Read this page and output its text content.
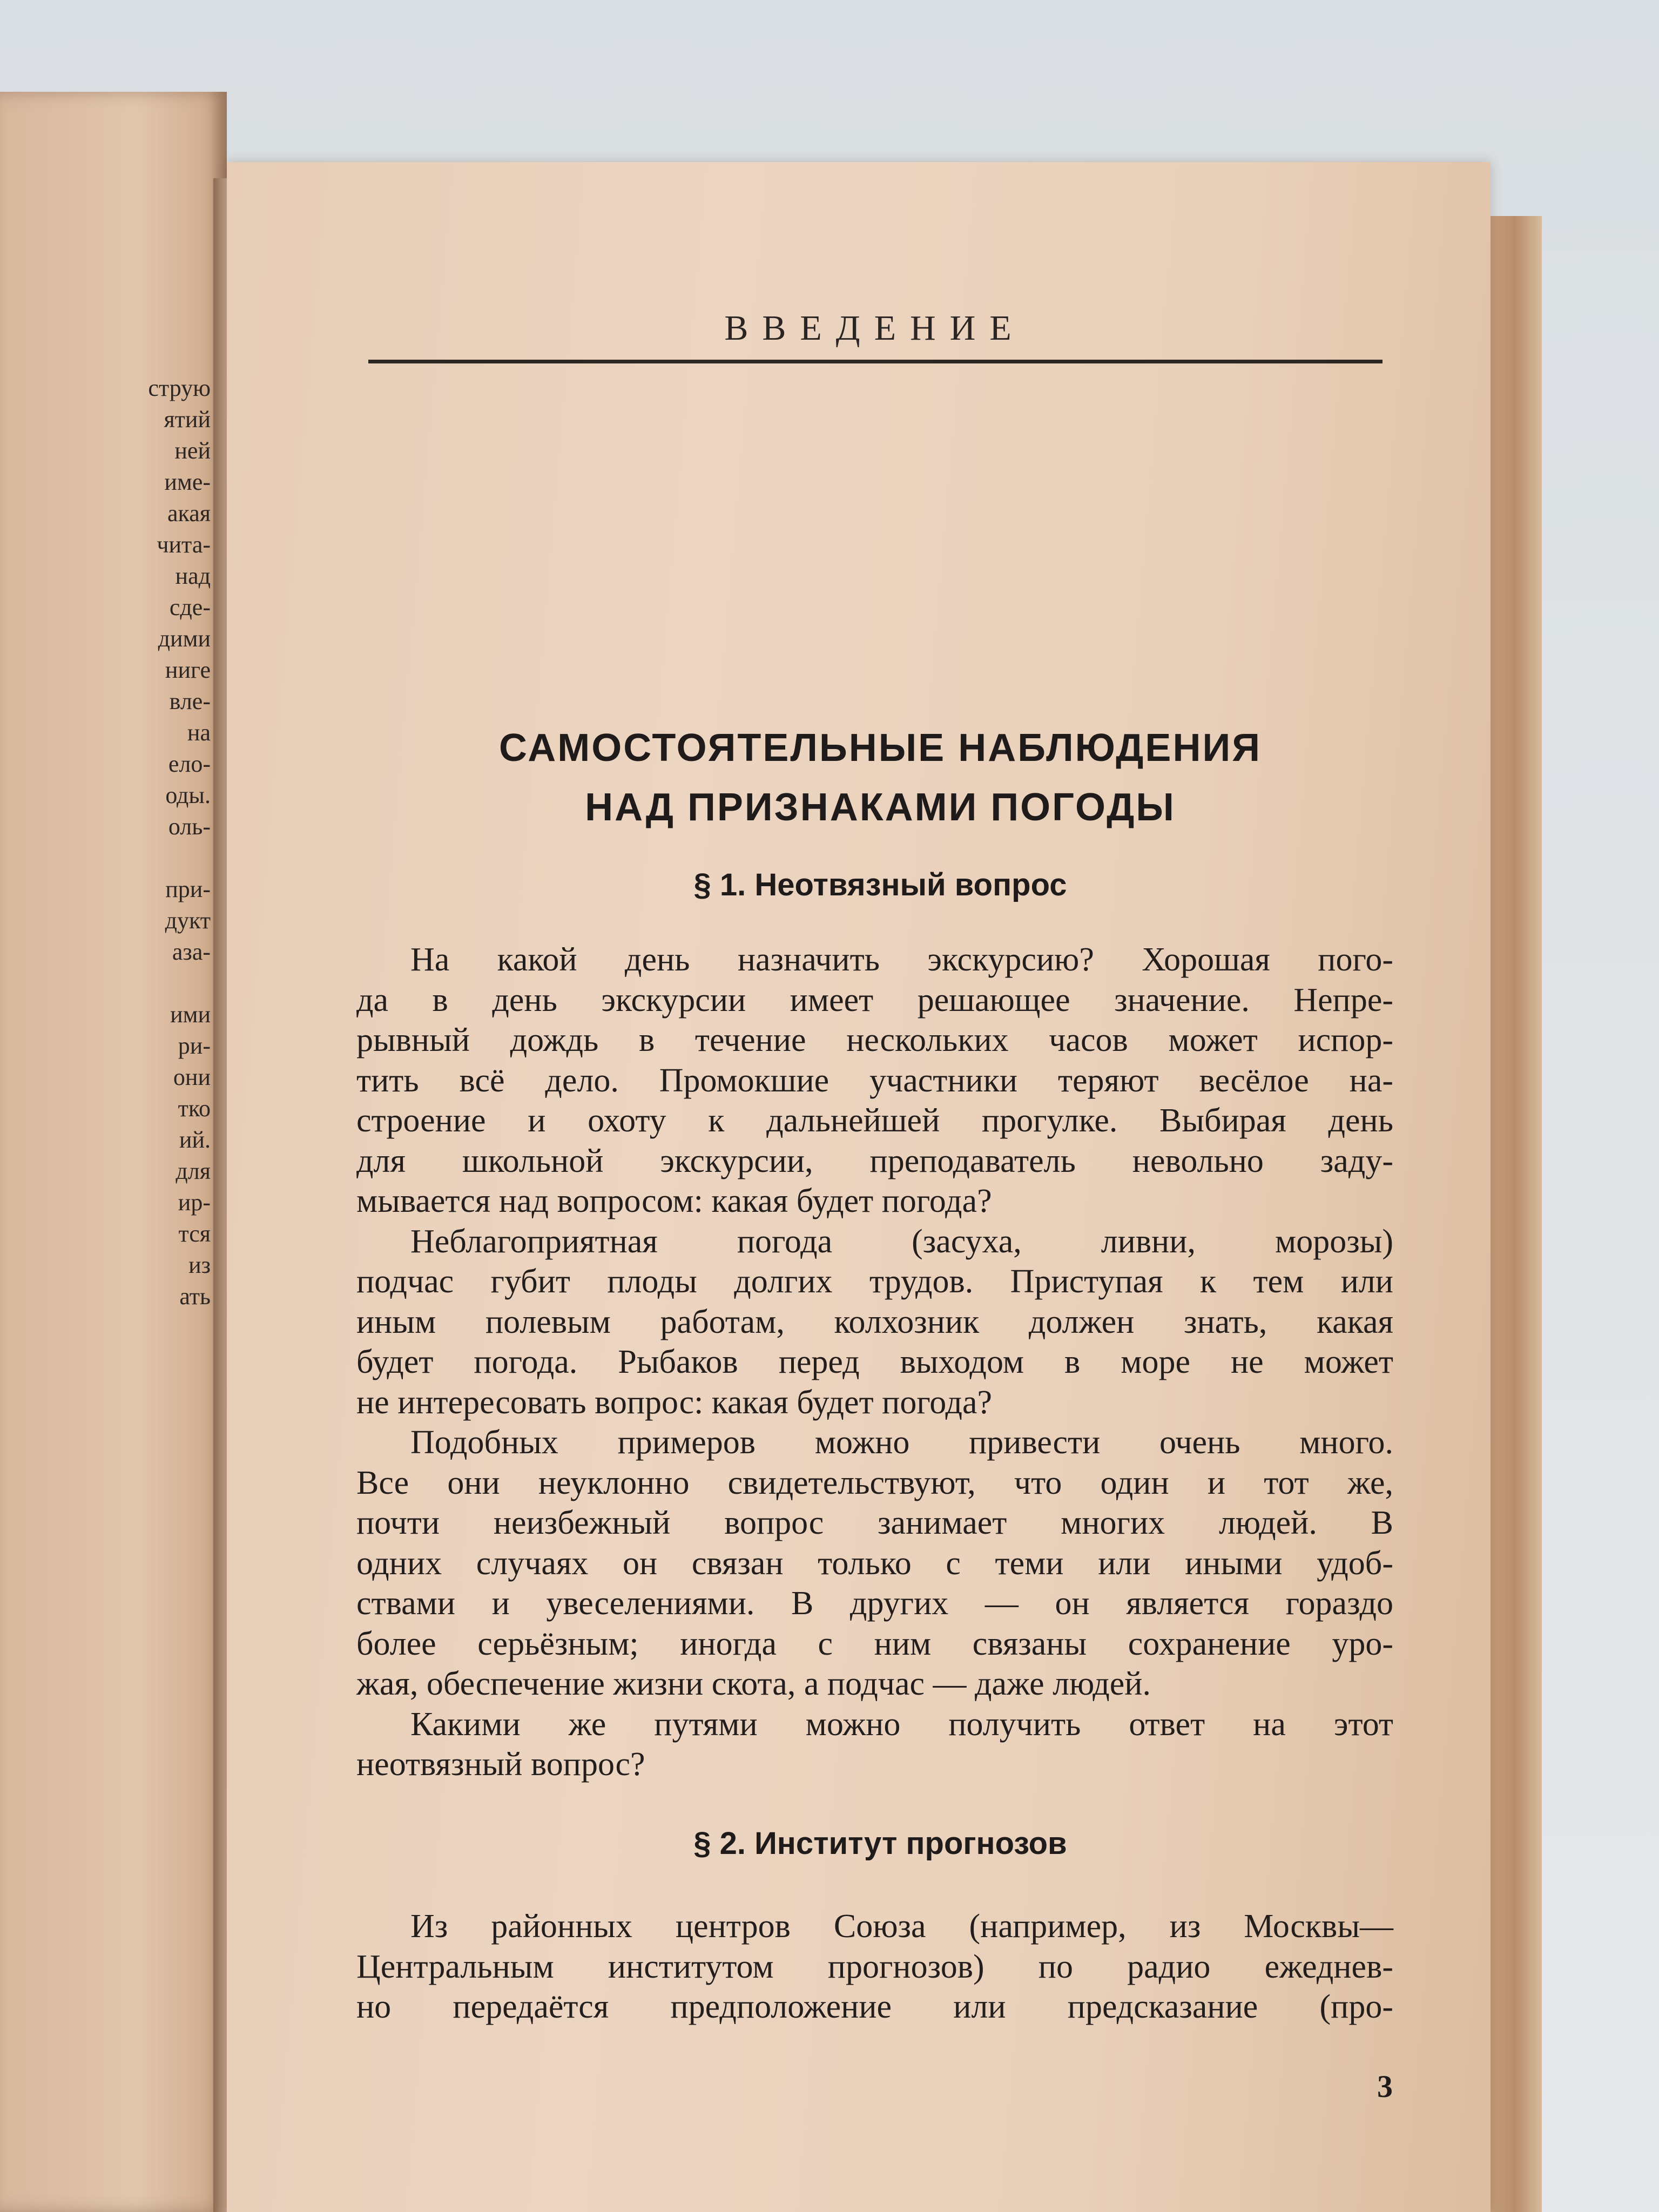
струю
ятий
ней
име-
акая
чита-
над
сде-
дими
ниге
вле-
на
ело-
оды.
оль-

при-
дукт
аза-

ими
ри-
они
тко
ий.
для
ир-
тся
из
ать
ВВЕДЕНИЕ
САМОСТОЯТЕЛЬНЫЕ НАБЛЮДЕНИЯ
НАД ПРИЗНАКАМИ ПОГОДЫ
§ 1. Неотвязный вопрос
На какой день назначить экскурсию? Хорошая пого-
да в день экскурсии имеет решающее значение. Непре-
рывный дождь в течение нескольких часов может испор-
тить всё дело. Промокшие участники теряют весёлое на-
строение и охоту к дальнейшей прогулке. Выбирая день
для школьной экскурсии, преподаватель невольно заду-
мывается над вопросом: какая будет погода?
Неблагоприятная погода (засуха, ливни, морозы)
подчас губит плоды долгих трудов. Приступая к тем или
иным полевым работам, колхозник должен знать, какая
будет погода. Рыбаков перед выходом в море не может
не интересовать вопрос: какая будет погода?
Подобных примеров можно привести очень много.
Все они неуклонно свидетельствуют, что один и тот же,
почти неизбежный вопрос занимает многих людей. В
одних случаях он связан только с теми или иными удоб-
ствами и увеселениями. В других — он является гораздо
более серьёзным; иногда с ним связаны сохранение уро-
жая, обеспечение жизни скота, а подчас — даже людей.
Какими же путями можно получить ответ на этот
неотвязный вопрос?
§ 2. Институт прогнозов
Из районных центров Союза (например, из Москвы—
Центральным институтом прогнозов) по радио ежеднев-
но передаётся предположение или предсказание (про-
3
